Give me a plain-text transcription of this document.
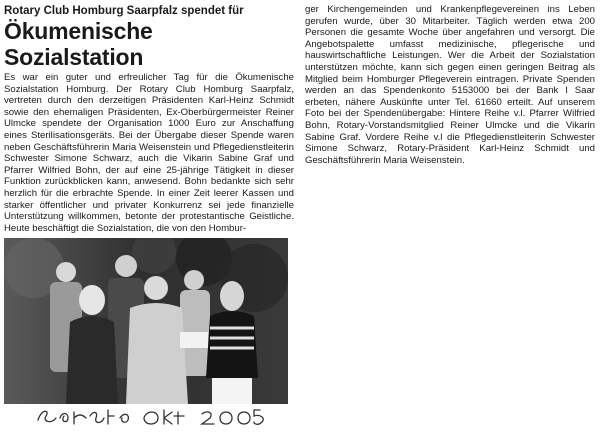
Rotary Club Homburg Saarpfalz spendet für

Ökumenische Sozialstation

Es war ein guter und erfreulicher Tag für die Ökumenische Sozialstation Homburg. Der Rotary Club Homburg Saarpfalz, vertreten durch den derzeitigen Präsidenten Karl-Heinz Schmidt sowie den ehemaligen Präsidenten, Ex-Oberbürgermeister Reiner Ulmcke spendete der Organisation 1000 Euro zur Anschaffung eines Sterilisationsgeräts. Bei der Übergabe dieser Spende waren neben Geschäftsführerin Maria Weisenstein und Pflegedienstleiterin Schwester Simone Schwarz, auch die Vikarin Sabine Graf und Pfarrer Wilfried Bohn, der auf eine 25-jährige Tätigkeit in dieser Funktion zurückblicken kann, anwesend. Bohn bedankte sich sehr herzlich für die erbrachte Spende. In einer Zeit leerer Kassen und starker öffentlicher und privater Konkurrenz sei jede finanzielle Unterstützung willkommen, betonte der protestantische Geistliche. Heute beschäftigt die Sozialstation, die von den Hombur-

ger Kirchengemeinden und Krankenpflegevereinen ins Leben gerufen wurde, über 30 Mitarbeiter. Täglich werden etwa 200 Personen die gesamte Woche über angefahren und versorgt. Die Angebotspalette umfasst medizinische, pflegerische und hauswirtschaftliche Leistungen. Wer die Arbeit der Sozialstation unterstützen möchte, kann sich gegen einen geringen Beitrag als Mitglied beim Homburger Pflegeverein eintragen. Private Spenden werden an das Spendenkonto 5153000 bei der Bank I Saar erbeten, nähere Auskünfte unter Tel. 61660 erteilt. Auf unserem Foto bei der Spendenübergabe: Hintere Reihe v.l. Pfarrer Wilfried Bohn, Rotary-Vorstandsmitglied Reiner Ulmcke und die Vikarin Sabine Graf. Vordere Reihe v.l die Pflegedienstleiterin Schwester Simone Schwarz, Rotary-Präsident Karl-Heinz Schmidt und Geschäftsführerin Maria Weisenstein.
